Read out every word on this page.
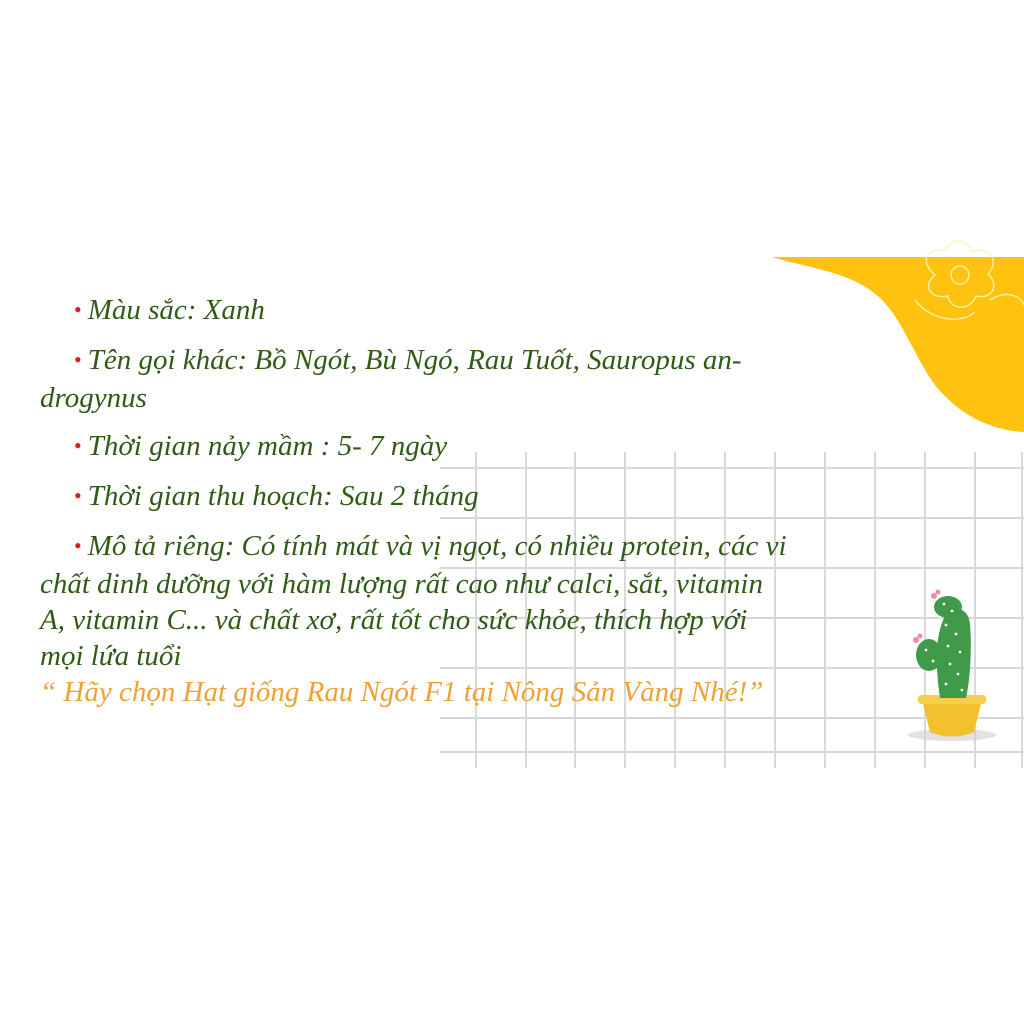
• Màu sắc: Xanh
• Tên gọi khác: Bồ Ngót, Bù Ngó, Rau Tuốt, Sauropus an-
drogynus
• Thời gian nảy mầm : 5- 7 ngày
• Thời gian thu hoạch: Sau 2 tháng
• Mô tả riêng: Có tính mát và vị ngọt, có nhiều protein, các vi
chất dinh dưỡng với hàm lượng rất cao như calci, sắt, vitamin
A, vitamin C... và chất xơ, rất tốt cho sức khỏe, thích hợp với
mọi lứa tuổi
“ Hãy chọn Hạt giống Rau Ngót F1 tại Nông Sản Vàng Nhé!”
